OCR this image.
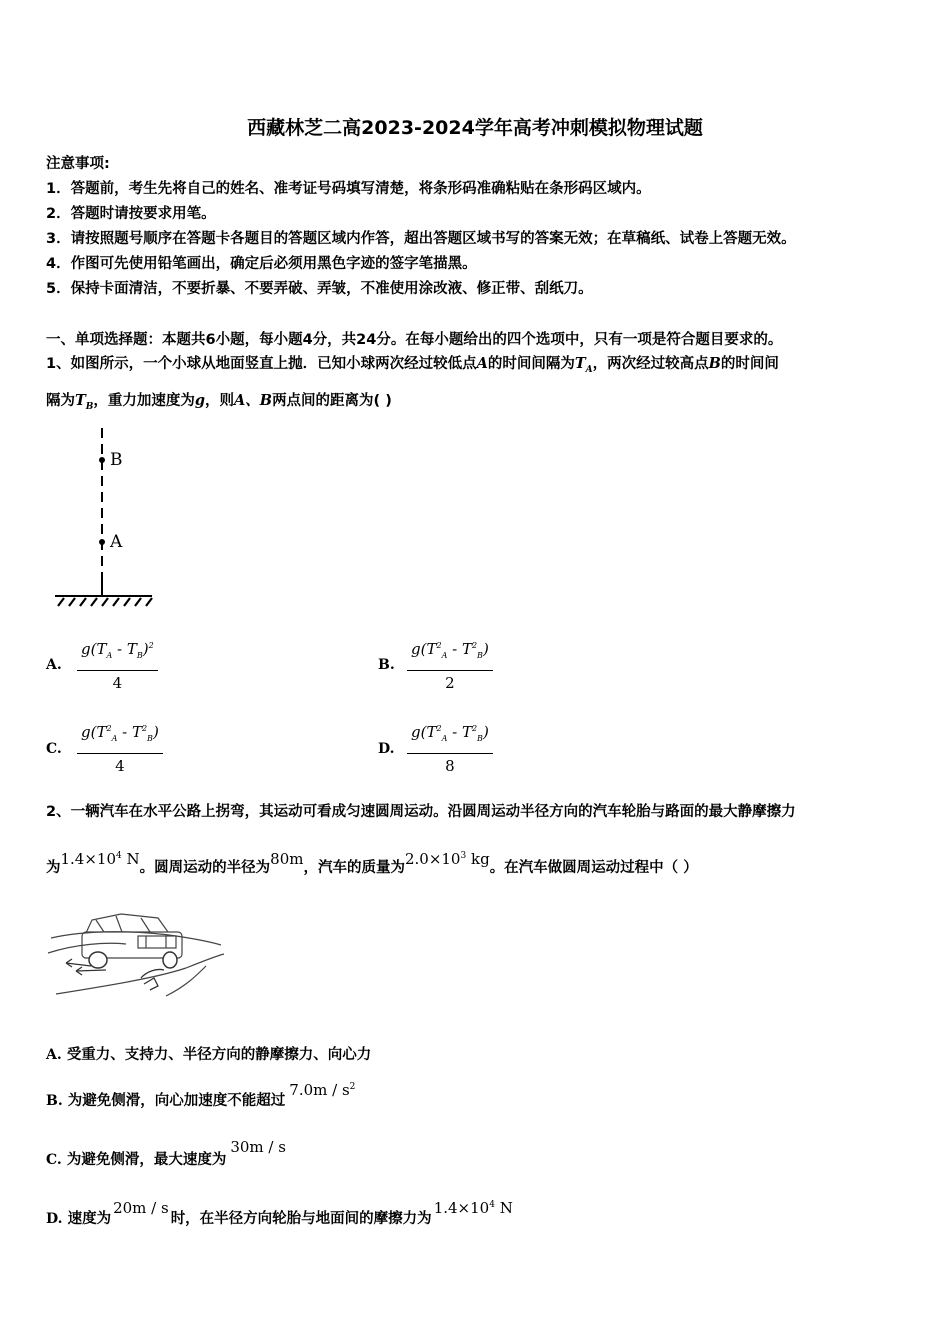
西藏林芝二高2023-2024学年高考冲刺模拟物理试题
注意事项:
1．答题前，考生先将自己的姓名、准考证号码填写清楚，将条形码准确粘贴在条形码区域内。
2．答题时请按要求用笔。
3．请按照题号顺序在答题卡各题目的答题区域内作答，超出答题区域书写的答案无效；在草稿纸、试卷上答题无效。
4．作图可先使用铅笔画出，确定后必须用黑色字迹的签字笔描黑。
5．保持卡面清洁，不要折暴、不要弄破、弄皱，不准使用涂改液、修正带、刮纸刀。
一、单项选择题：本题共6小题，每小题4分，共24分。在每小题给出的四个选项中，只有一项是符合题目要求的。
1、如图所示，一个小球从地面竖直上抛．已知小球两次经过较低点A的时间间隔为$T_A$，两次经过较高点B的时间间
隔为$T_B$，重力加速度为g，则A、B两点间的距离为( )
B
A
A. $\frac{g(T_A - T_B)^2}{4}$	B. $\frac{g(T^2_A - T^2_B)}{2}$
C. $\frac{g(T^2_A - T^2_B)}{4}$	D. $\frac{g(T^2_A - T^2_B)}{8}$
2、一辆汽车在水平公路上拐弯，其运动可看成匀速圆周运动。沿圆周运动半径方向的汽车轮胎与路面的最大静摩擦力
为$1.4\times 10^4$ N。圆周运动的半径为80m，汽车的质量为$2.0\times 10^3$ kg。在汽车做圆周运动过程中（ ）
A. 受重力、支持力、半径方向的静摩擦力、向心力
B. 为避免侧滑，向心加速度不能超过$7.0m / s^2$
C. 为避免侧滑，最大速度为30m / s
D. 速度为20m / s时，在半径方向轮胎与地面间的摩擦力为$1.4\times 10^4$ N
